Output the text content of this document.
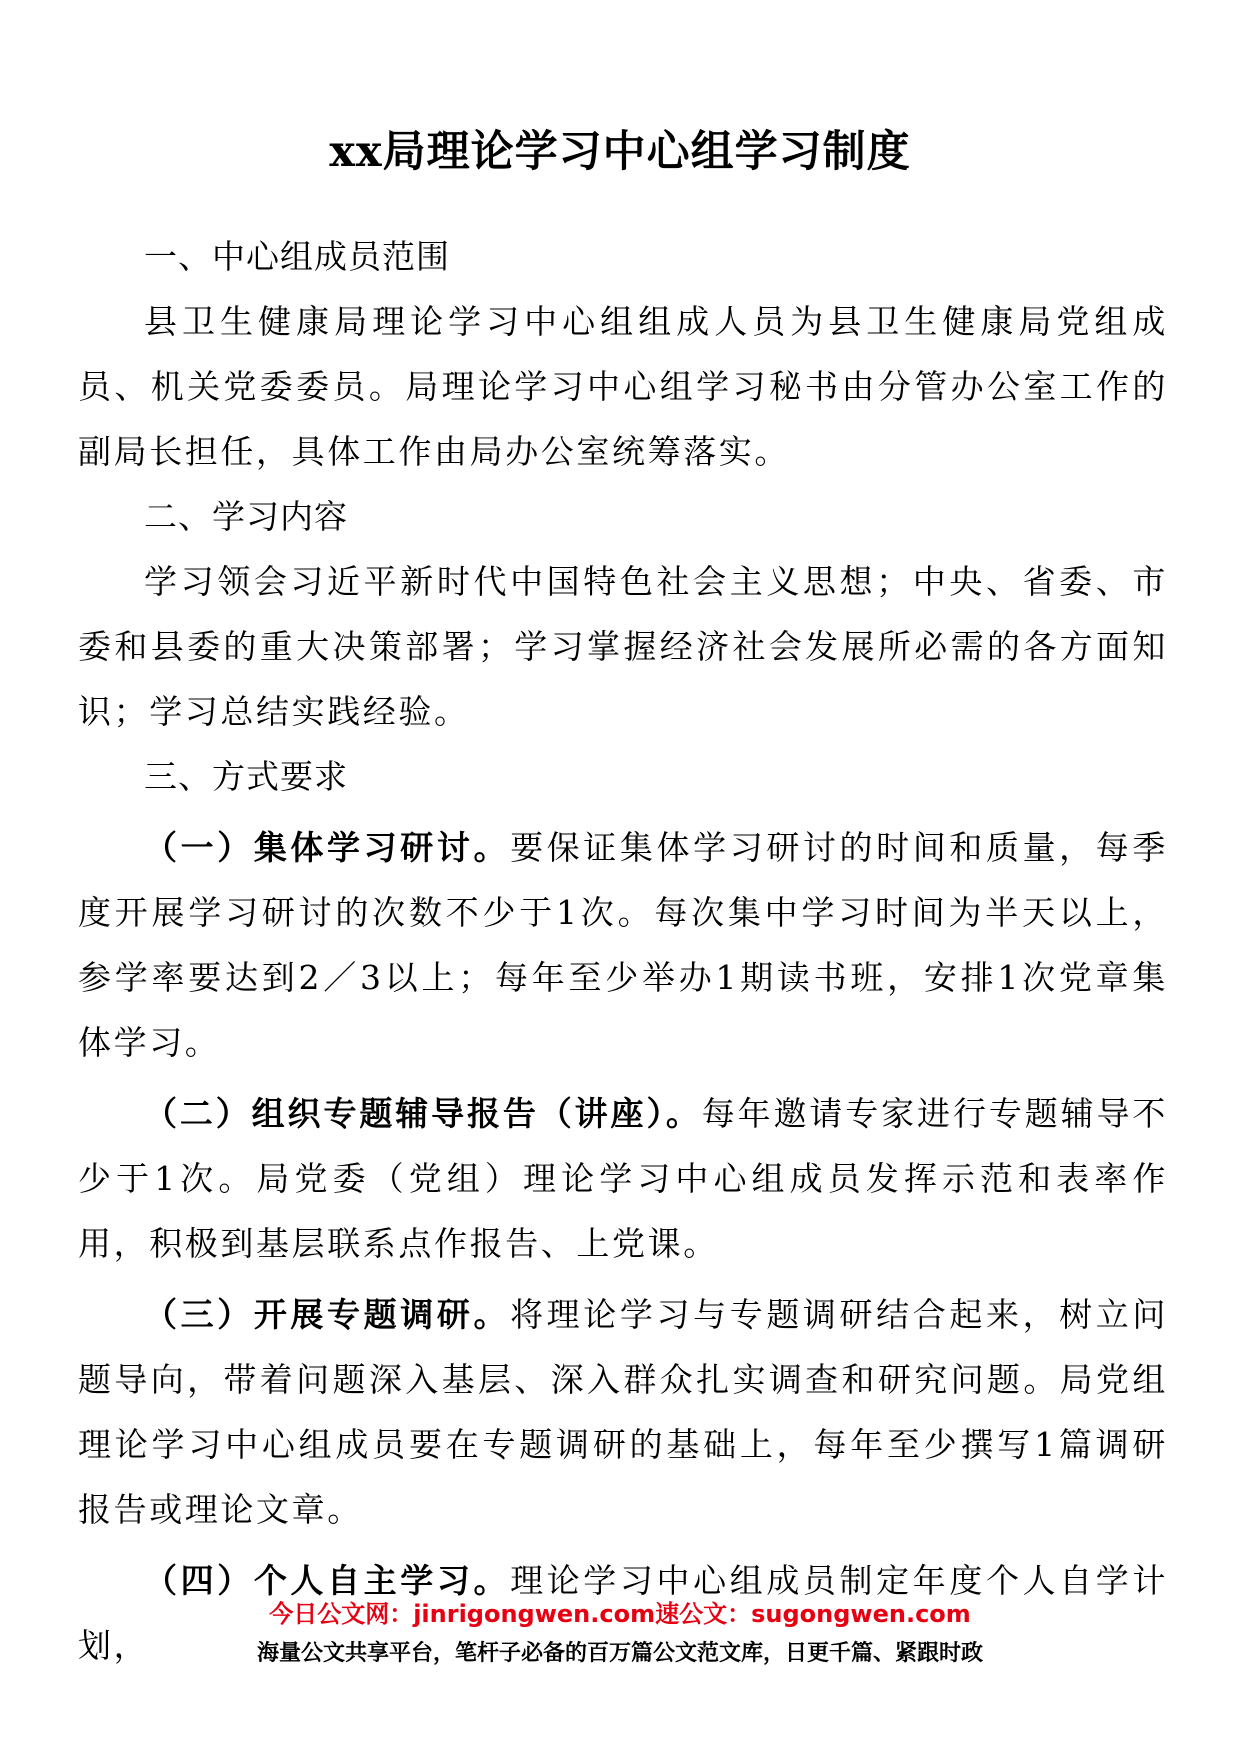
xx局理论学习中心组学习制度

一、中心组成员范围

县卫生健康局理论学习中心组组成人员为县卫生健康局党组成员、机关党委委员。局理论学习中心组学习秘书由分管办公室工作的副局长担任，具体工作由局办公室统筹落实。

二、学习内容

学习领会习近平新时代中国特色社会主义思想；中央、省委、市委和县委的重大决策部署；学习掌握经济社会发展所必需的各方面知识；学习总结实践经验。

三、方式要求

（一）集体学习研讨。要保证集体学习研讨的时间和质量，每季度开展学习研讨的次数不少于1次。每次集中学习时间为半天以上，参学率要达到2／3以上；每年至少举办1期读书班，安排1次党章集体学习。

（二）组织专题辅导报告（讲座）。每年邀请专家进行专题辅导不少于1次。局党委（党组）理论学习中心组成员发挥示范和表率作用，积极到基层联系点作报告、上党课。

（三）开展专题调研。将理论学习与专题调研结合起来，树立问题导向，带着问题深入基层、深入群众扎实调查和研究问题。局党组理论学习中心组成员要在专题调研的基础上，每年至少撰写1篇调研报告或理论文章。

（四）个人自主学习。理论学习中心组成员制定年度个人自学计划，

今日公文网：jinrigongwen.com速公文：sugongwen.com
海量公文共享平台，笔杆子必备的百万篇公文范文库，日更千篇、紧跟时政
